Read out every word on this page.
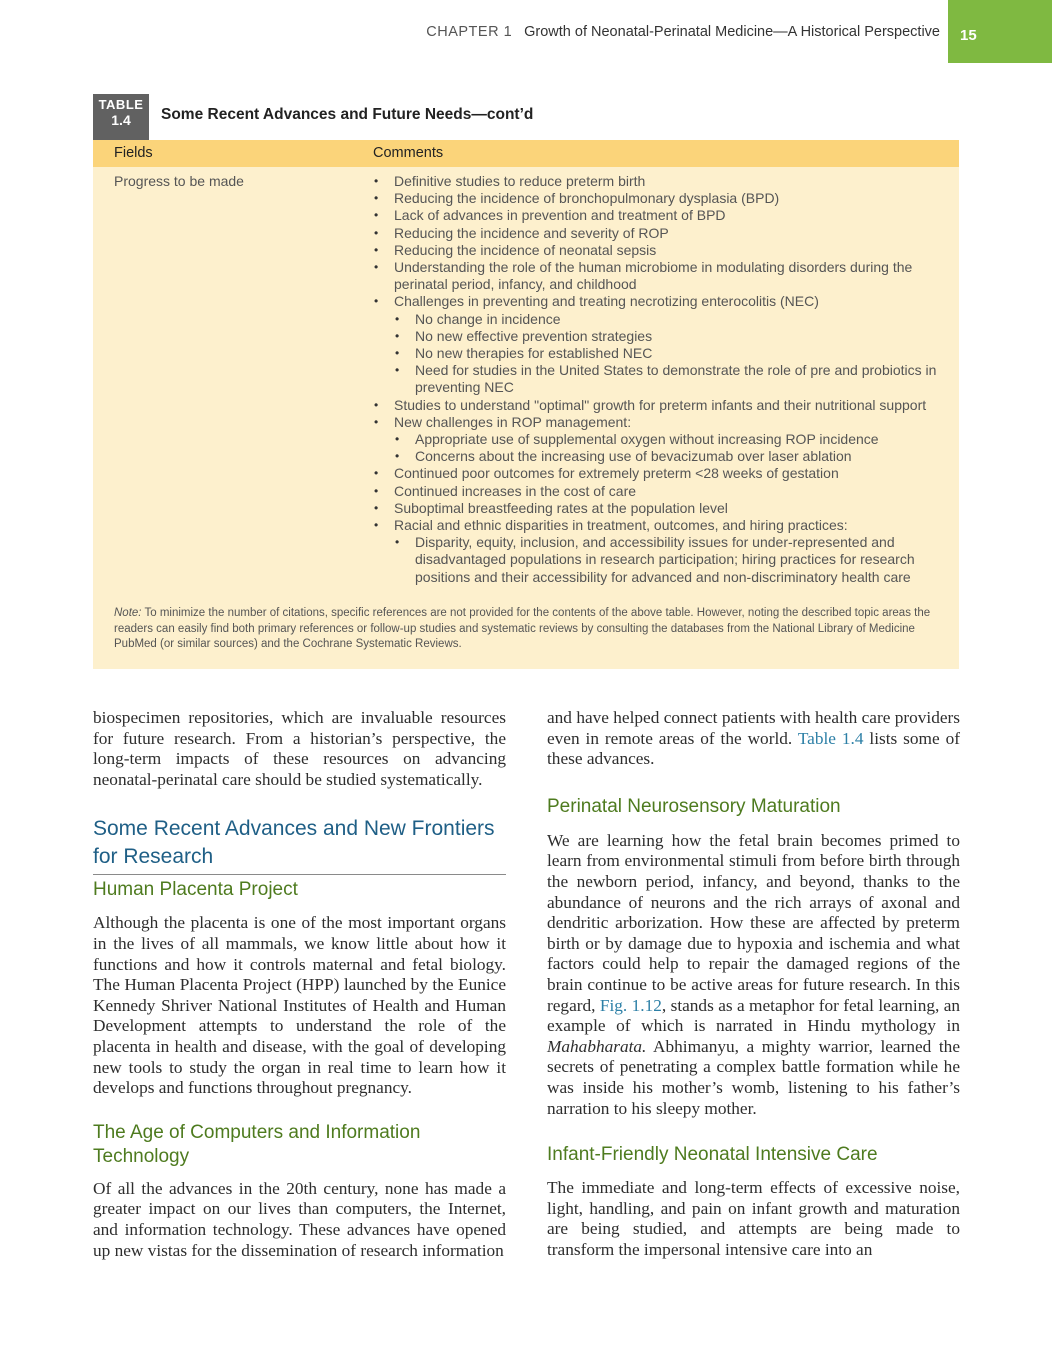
CHAPTER 1 Growth of Neonatal-Perinatal Medicine—A Historical Perspective	15
TABLE
1.4	Some Recent Advances and Future Needs—cont’d
Fields	Comments
Progress to be made
•	Definitive studies to reduce preterm birth
• Reducing the incidence of bronchopulmonary dysplasia (BPD)
• Lack of advances in prevention and treatment of BPD
• Reducing the incidence and severity of ROP
• Reducing the incidence of neonatal sepsis
• Understanding the role of the human microbiome in modulating disorders during the perinatal period, infancy, and childhood
• Challenges in preventing and treating necrotizing enterocolitis (NEC)
• No change in incidence
• No new effective prevention strategies
• No new therapies for established NEC
• Need for studies in the United States to demonstrate the role of pre and probiotics in preventing NEC
• Studies to understand "optimal" growth for preterm infants and their nutritional support
• New challenges in ROP management:
• Appropriate use of supplemental oxygen without increasing ROP incidence
• Concerns about the increasing use of bevacizumab over laser ablation
• Continued poor outcomes for extremely preterm <28 weeks of gestation
• Continued increases in the cost of care
• Suboptimal breastfeeding rates at the population level
• Racial and ethnic disparities in treatment, outcomes, and hiring practices:
• Disparity, equity, inclusion, and accessibility issues for under-represented and disadvantaged populations in research participation; hiring practices for research positions and their accessibility for advanced and non-discriminatory health care
Note: To minimize the number of citations, specific references are not provided for the contents of the above table. However, noting the described topic areas the readers can easily find both primary references or follow-up studies and systematic reviews by consulting the databases from the National Library of Medicine PubMed (or similar sources) and the Cochrane Systematic Reviews.

biospecimen repositories, which are invaluable resources for future research. From a historian’s perspective, the long-term impacts of these resources on advancing neonatal-perinatal care should be studied systematically.

Some Recent Advances and New Frontiers for Research
Human Placenta Project

Although the placenta is one of the most important organs in the lives of all mammals, we know little about how it functions and how it controls maternal and fetal biology. The Human Placenta Project (HPP) launched by the Eunice Kennedy Shriver National Institutes of Health and Human Development attempts to understand the role of the placenta in health and disease, with the goal of developing new tools to study the organ in real time to learn how it develops and functions throughout pregnancy.

The Age of Computers and Information Technology

Of all the advances in the 20th century, none has made a greater impact on our lives than computers, the Internet, and information technology. These advances have opened up new vistas for the dissemination of research information

and have helped connect patients with health care providers even in remote areas of the world. Table 1.4 lists some of these advances.

Perinatal Neurosensory Maturation

We are learning how the fetal brain becomes primed to learn from environmental stimuli from before birth through the newborn period, infancy, and beyond, thanks to the abundance of neurons and the rich arrays of axonal and dendritic arborization. How these are affected by preterm birth or by damage due to hypoxia and ischemia and what factors could help to repair the damaged regions of the brain continue to be active areas for future research. In this regard, Fig. 1.12, stands as a metaphor for fetal learning, an example of which is narrated in Hindu mythology in Mahabharata. Abhimanyu, a mighty warrior, learned the secrets of penetrating a complex battle formation while he was inside his mother’s womb, listening to his father’s narration to his sleepy mother.

Infant-Friendly Neonatal Intensive Care

The immediate and long-term effects of excessive noise, light, handling, and pain on infant growth and maturation are being studied, and attempts are being made to transform the impersonal intensive care into an
